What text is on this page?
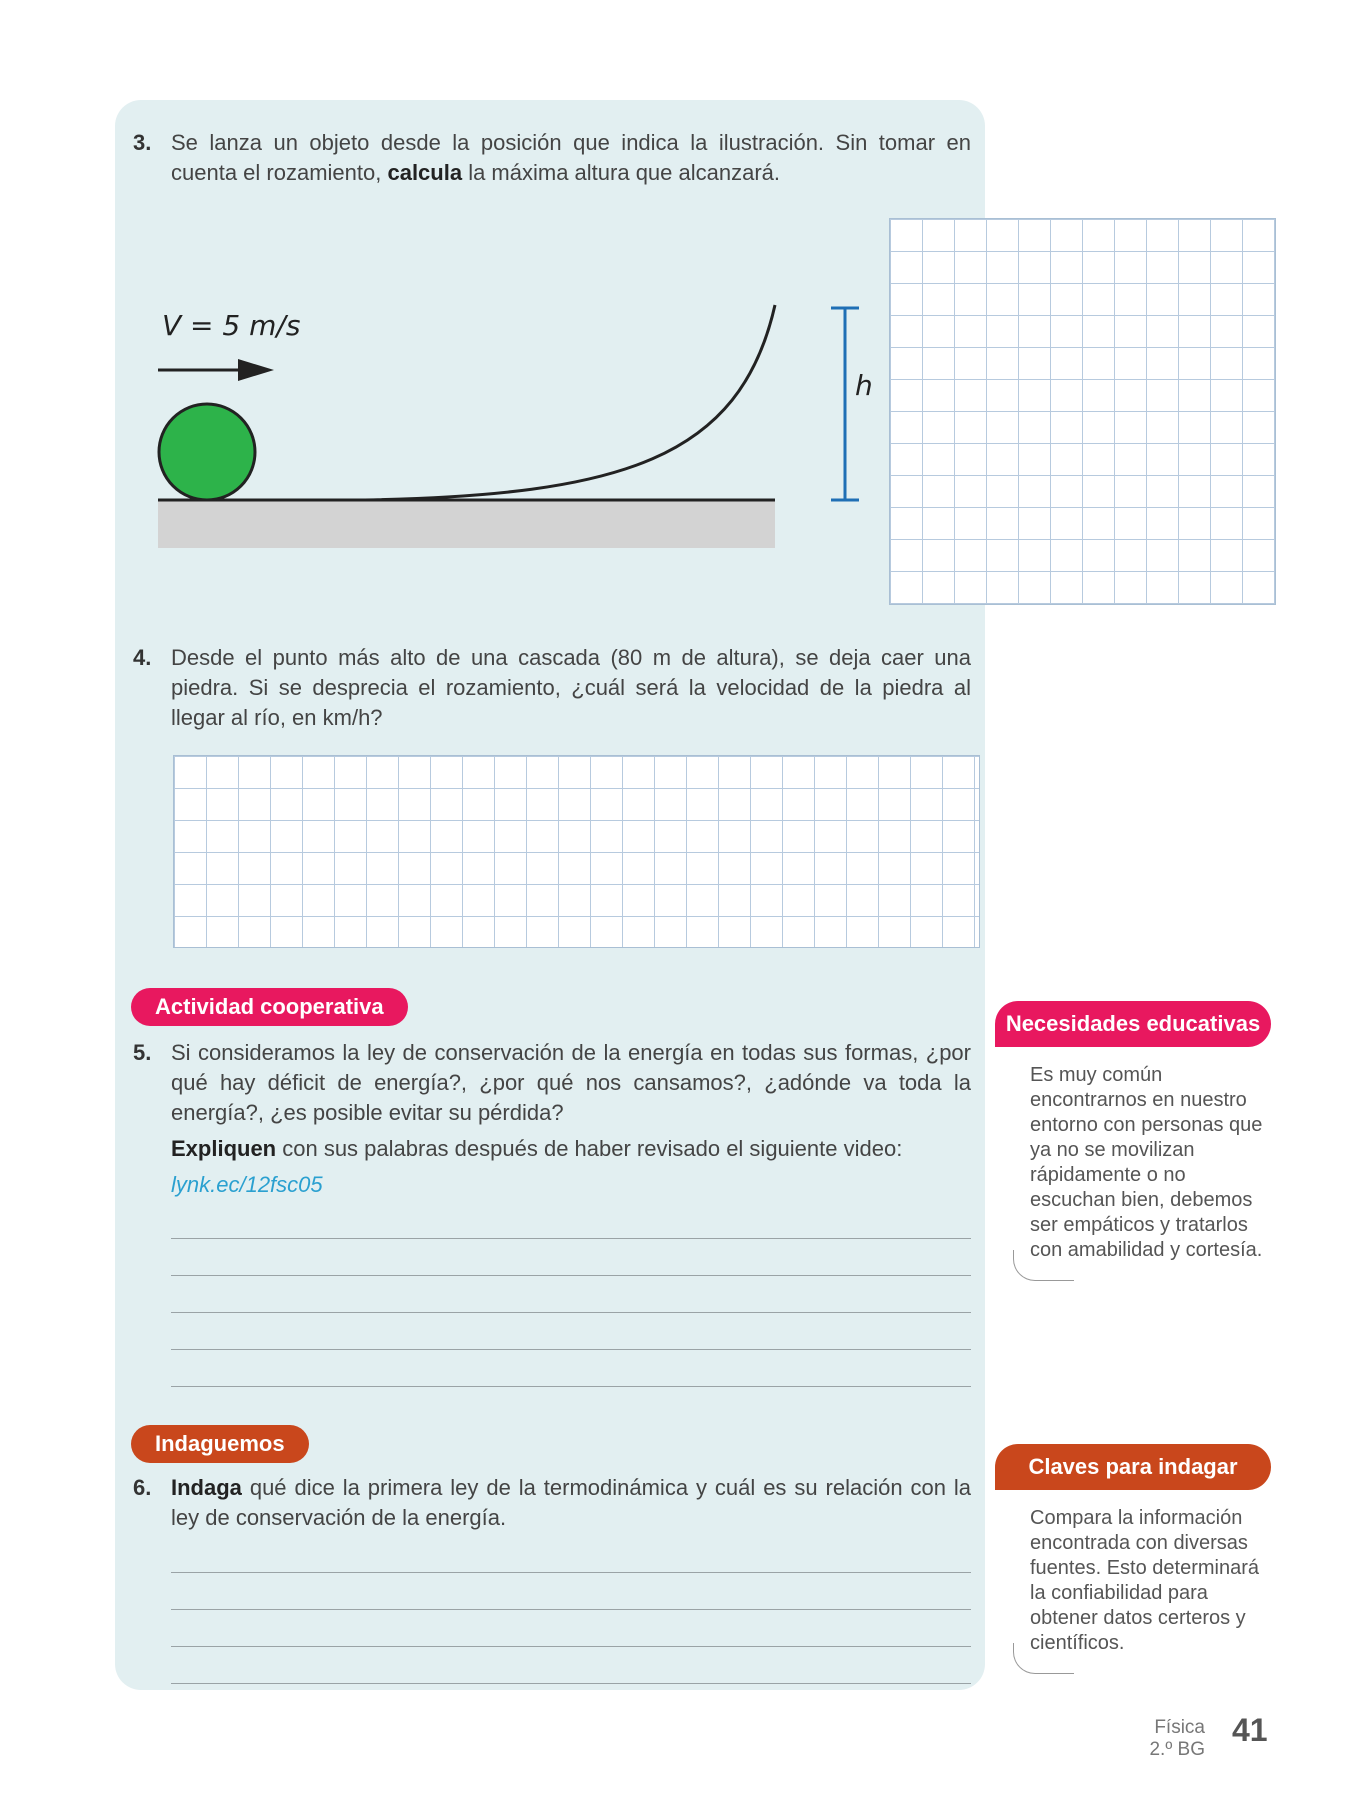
3. Se lanza un objeto desde la posición que indica la ilustración. Sin tomar en cuenta el rozamiento, calcula la máxima altura que alcanzará.

V = 5 m/s
h
4. Desde el punto más alto de una cascada (80 m de altura), se deja caer una piedra. Si se desprecia el rozamiento, ¿cuál será la velocidad de la piedra al llegar al río, en km/h?

Actividad cooperativa
5. Si consideramos la ley de conservación de la energía en todas sus formas, ¿por qué hay déficit de energía?, ¿por qué nos cansamos?, ¿adónde va toda la energía?, ¿es posible evitar su pérdida?

Expliquen con sus palabras después de haber revisado el siguiente video:

lynk.ec/12fsc05

Indaguemos
6. Indaga qué dice la primera ley de la termodinámica y cuál es su relación con la ley de conservación de la energía.

Necesidades educativas
Es muy común encontrarnos en nuestro entorno con personas que ya no se movilizan rápidamente o no escuchan bien, debemos ser empáticos y tratarlos con amabilidad y cortesía.
Claves para indagar
Compara la información encontrada con diversas fuentes. Esto determinará la confiabilidad para obtener datos certeros y científicos.
Física
2.º BG
41
